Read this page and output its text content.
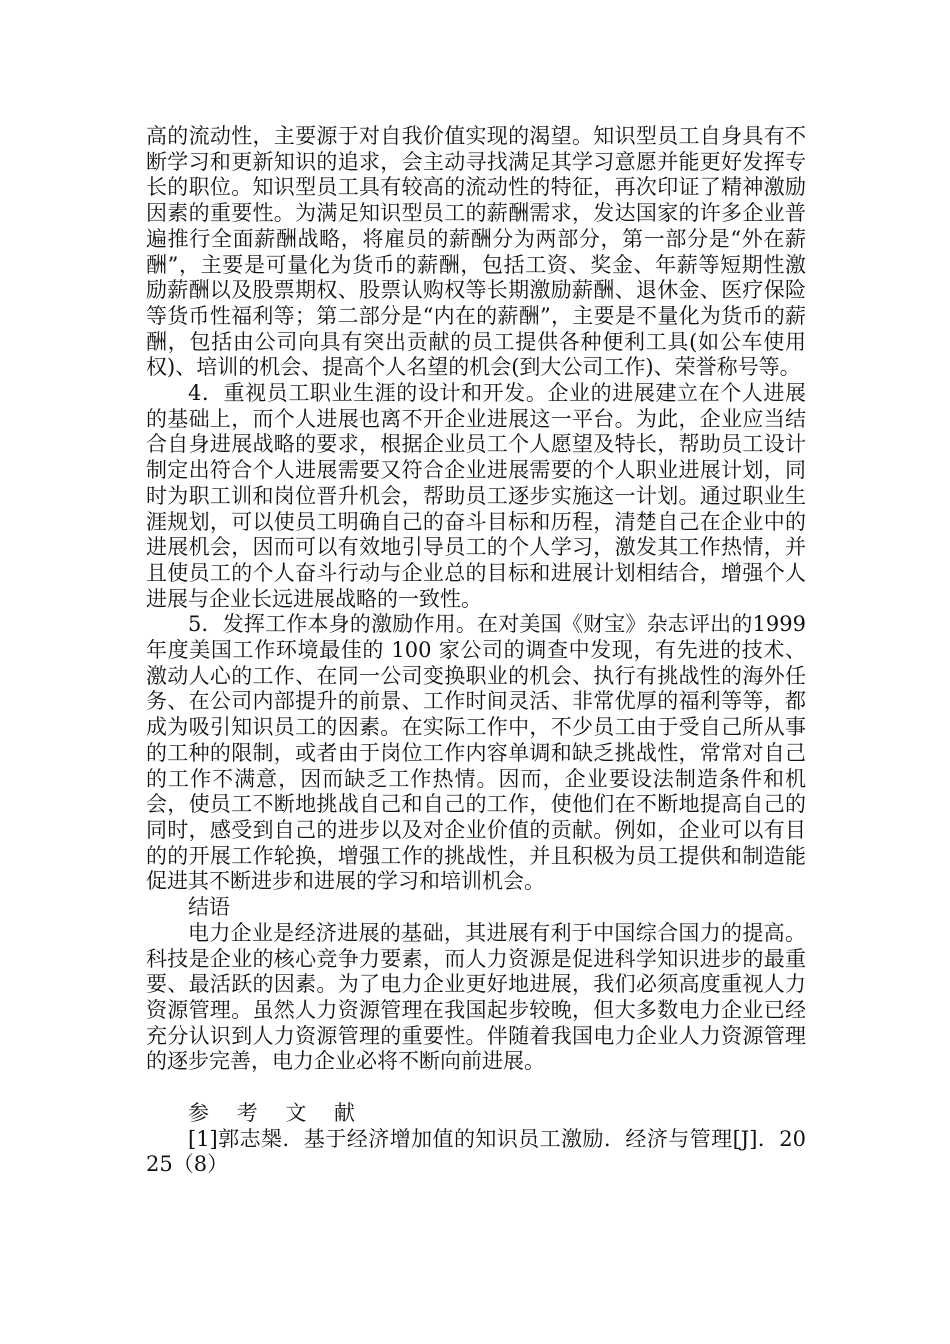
高的流动性，主要源于对自我价值实现的渴望。知识型员工自身具有不断学习和更新知识的追求，会主动寻找满足其学习意愿并能更好发挥专长的职位。知识型员工具有较高的流动性的特征，再次印证了精神激励因素的重要性。为满足知识型员工的薪酬需求，发达国家的许多企业普遍推行全面薪酬战略，将雇员的薪酬分为两部分，第一部分是“外在薪酬”，主要是可量化为货币的薪酬，包括工资、奖金、年薪等短期性激励薪酬以及股票期权、股票认购权等长期激励薪酬、退休金、医疗保险等货币性福利等；第二部分是“内在的薪酬”，主要是不量化为货币的薪酬，包括由公司向具有突出贡献的员工提供各种便利工具(如公车使用权)、培训的机会、提高个人名望的机会(到大公司工作)、荣誉称号等。

4．重视员工职业生涯的设计和开发。企业的进展建立在个人进展的基础上，而个人进展也离不开企业进展这一平台。为此，企业应当结合自身进展战略的要求，根据企业员工个人愿望及特长，帮助员工设计制定出符合个人进展需要又符合企业进展需要的个人职业进展计划，同时为职工训和岗位晋升机会，帮助员工逐步实施这一计划。通过职业生涯规划，可以使员工明确自己的奋斗目标和历程，清楚自己在企业中的进展机会，因而可以有效地引导员工的个人学习，激发其工作热情，并且使员工的个人奋斗行动与企业总的目标和进展计划相结合，增强个人进展与企业长远进展战略的一致性。

5．发挥工作本身的激励作用。在对美国《财宝》杂志评出的1999 年度美国工作环境最佳的 100 家公司的调查中发现，有先进的技术、激动人心的工作、在同一公司变换职业的机会、执行有挑战性的海外任务、在公司内部提升的前景、工作时间灵活、非常优厚的福利等等，都成为吸引知识员工的因素。在实际工作中，不少员工由于受自己所从事的工种的限制，或者由于岗位工作内容单调和缺乏挑战性，常常对自己的工作不满意，因而缺乏工作热情。因而，企业要设法制造条件和机会，使员工不断地挑战自己和自己的工作，使他们在不断地提高自己的同时，感受到自己的进步以及对企业价值的贡献。例如，企业可以有目的的开展工作轮换，增强工作的挑战性，并且积极为员工提供和制造能促进其不断进步和进展的学习和培训机会。

结语

电力企业是经济进展的基础，其进展有利于中国综合国力的提高。科技是企业的核心竞争力要素，而人力资源是促进科学知识进步的最重要、最活跃的因素。为了电力企业更好地进展，我们必须高度重视人力资源管理。虽然人力资源管理在我国起步较晚，但大多数电力企业已经充分认识到人力资源管理的重要性。伴随着我国电力企业人力资源管理的逐步完善，电力企业必将不断向前进展。

参 考 文 献

[1]郭志椝．基于经济增加值的知识员工激励．经济与管理[J]．2025（8）
